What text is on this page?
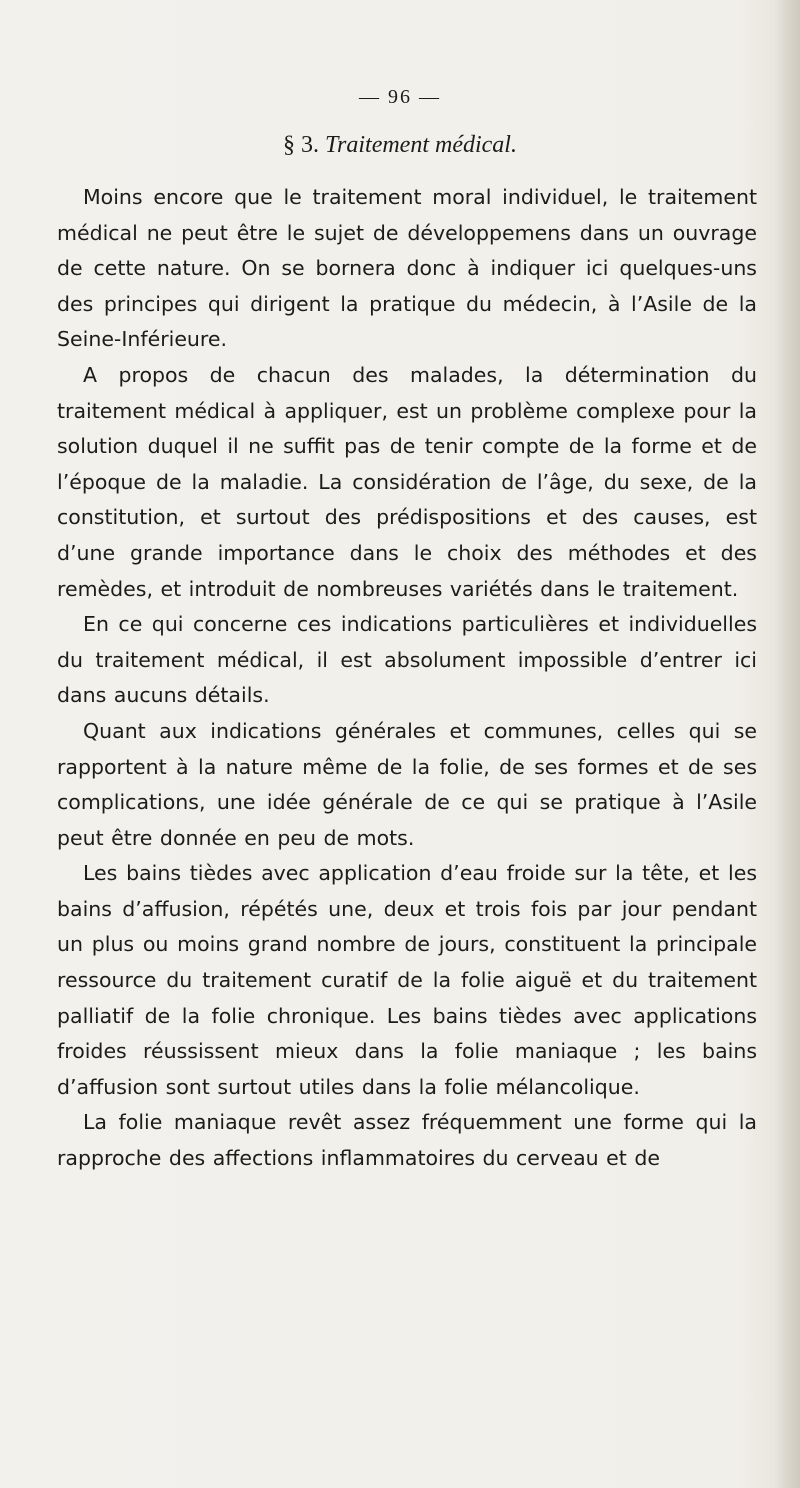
— 96 —
§ 3. Traitement médical.

Moins encore que le traitement moral individuel, le traitement médical ne peut être le sujet de développemens dans un ouvrage de cette nature. On se bornera donc à indiquer ici quelques-uns des principes qui dirigent la pratique du médecin, à l’Asile de la Seine-Inférieure.

A propos de chacun des malades, la détermination du traitement médical à appliquer, est un problème complexe pour la solution duquel il ne suffit pas de tenir compte de la forme et de l’époque de la maladie. La considération de l’âge, du sexe, de la constitution, et surtout des prédispositions et des causes, est d’une grande importance dans le choix des méthodes et des remèdes, et introduit de nombreuses variétés dans le traitement.

En ce qui concerne ces indications particulières et individuelles du traitement médical, il est absolument impossible d’entrer ici dans aucuns détails.

Quant aux indications générales et communes, celles qui se rapportent à la nature même de la folie, de ses formes et de ses complications, une idée générale de ce qui se pratique à l’Asile peut être donnée en peu de mots.

Les bains tièdes avec application d’eau froide sur la tête, et les bains d’affusion, répétés une, deux et trois fois par jour pendant un plus ou moins grand nombre de jours, constituent la principale ressource du traitement curatif de la folie aiguë et du traitement palliatif de la folie chronique. Les bains tièdes avec applications froides réussissent mieux dans la folie maniaque ; les bains d’affusion sont surtout utiles dans la folie mélancolique.

La folie maniaque revêt assez fréquemment une forme qui la rapproche des affections inflammatoires du cerveau et de
